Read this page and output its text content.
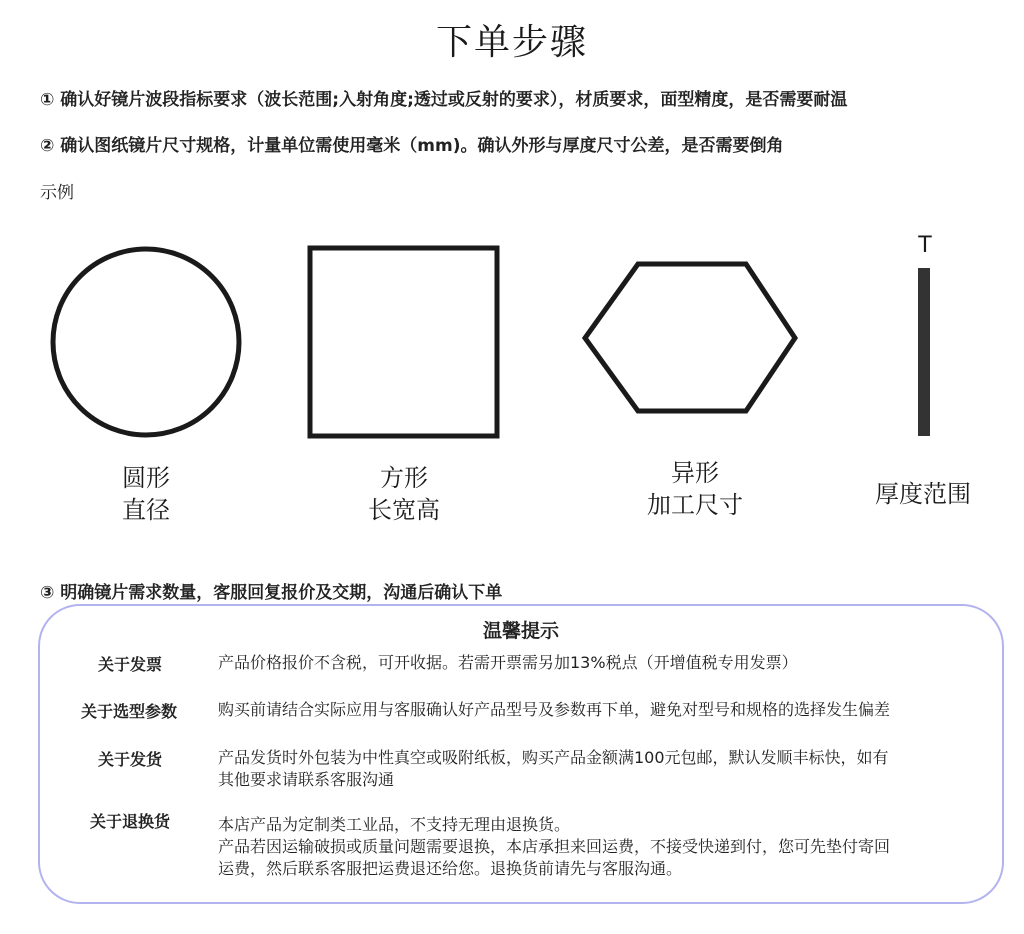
下单步骤
① 确认好镜片波段指标要求（波长范围;入射角度;透过或反射的要求），材质要求，面型精度，是否需要耐温
② 确认图纸镜片尺寸规格，计量单位需使用毫米（mm)。确认外形与厚度尺寸公差，是否需要倒角
示例
T
圆形
直径
方形
长宽高
异形
加工尺寸	厚度范围
③ 明确镜片需求数量，客服回复报价及交期，沟通后确认下单
温馨提示
关于发票	产品价格报价不含税，可开收据。若需开票需另加13%税点（开增值税专用发票）
关于选型参数	购买前请结合实际应用与客服确认好产品型号及参数再下单，避免对型号和规格的选择发生偏差
关于发货	产品发货时外包装为中性真空或吸附纸板，购买产品金额满100元包邮，默认发顺丰标快，如有
其他要求请联系客服沟通
关于退换货	本店产品为定制类工业品，不支持无理由退换货。
产品若因运输破损或质量问题需要退换，本店承担来回运费，不接受快递到付，您可先垫付寄回
运费，然后联系客服把运费退还给您。退换货前请先与客服沟通。
